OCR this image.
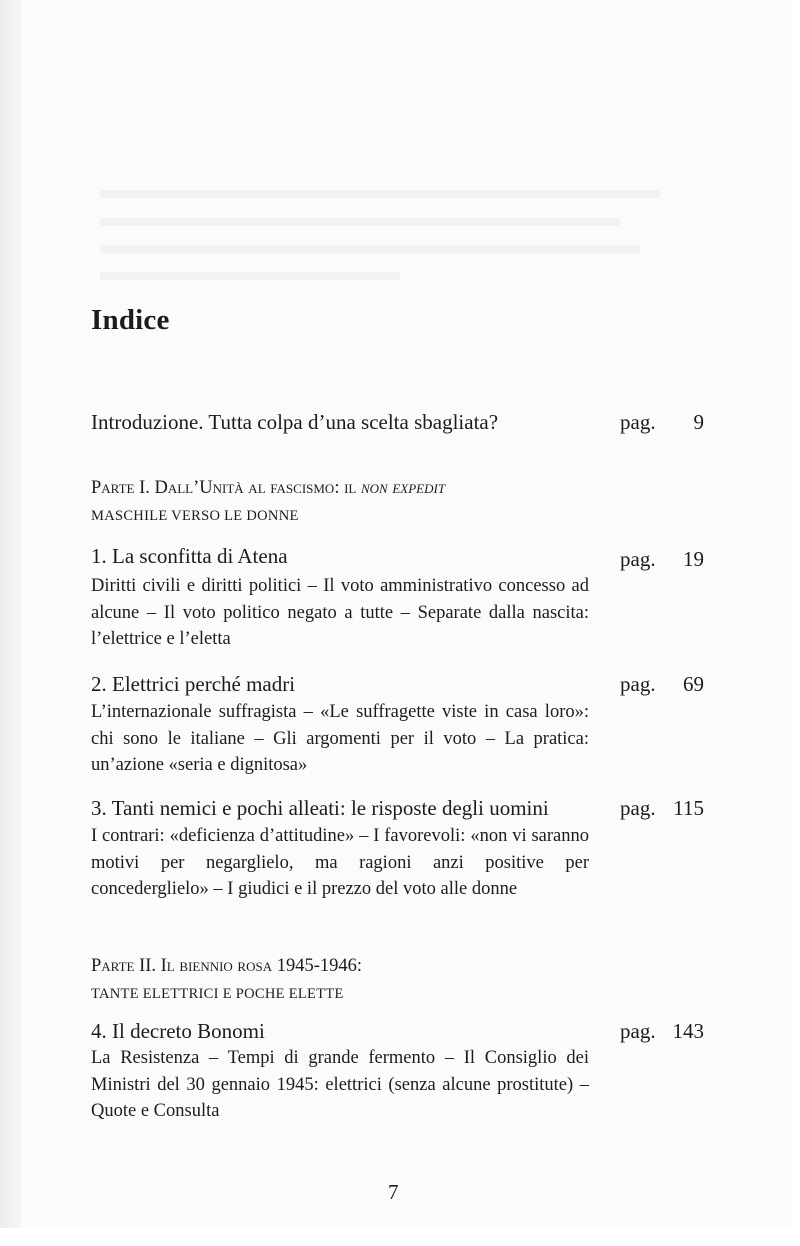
Indice
Introduzione. Tutta colpa d’una scelta sbagliata?	pag. 9
Parte I. Dall’Unità al fascismo: il non expedit
MASCHILE VERSO LE DONNE
1. La sconfitta di Atena	pag. 19
Diritti civili e diritti politici – Il voto amministrativo concesso ad alcune – Il voto politico negato a tutte – Separate dalla nascita: l’elettrice e l’eletta
2. Elettrici perché madri	pag. 69
L’internazionale suffragista – «Le suffragette viste in casa loro»: chi sono le italiane – Gli argomenti per il voto – La pratica: un’azione «seria e dignitosa»
3. Tanti nemici e pochi alleati: le risposte degli uomini	pag. 115
I contrari: «deficienza d’attitudine» – I favorevoli: «non vi saranno motivi per negarglielo, ma ragioni anzi positive per concederglielo» – I giudici e il prezzo del voto alle donne
Parte II. Il biennio rosa 1945-1946:
TANTE ELETTRICI E POCHE ELETTE
4. Il decreto Bonomi	pag. 143
La Resistenza – Tempi di grande fermento – Il Consiglio dei Ministri del 30 gennaio 1945: elettrici (senza alcune prostitute) – Quote e Consulta
7
